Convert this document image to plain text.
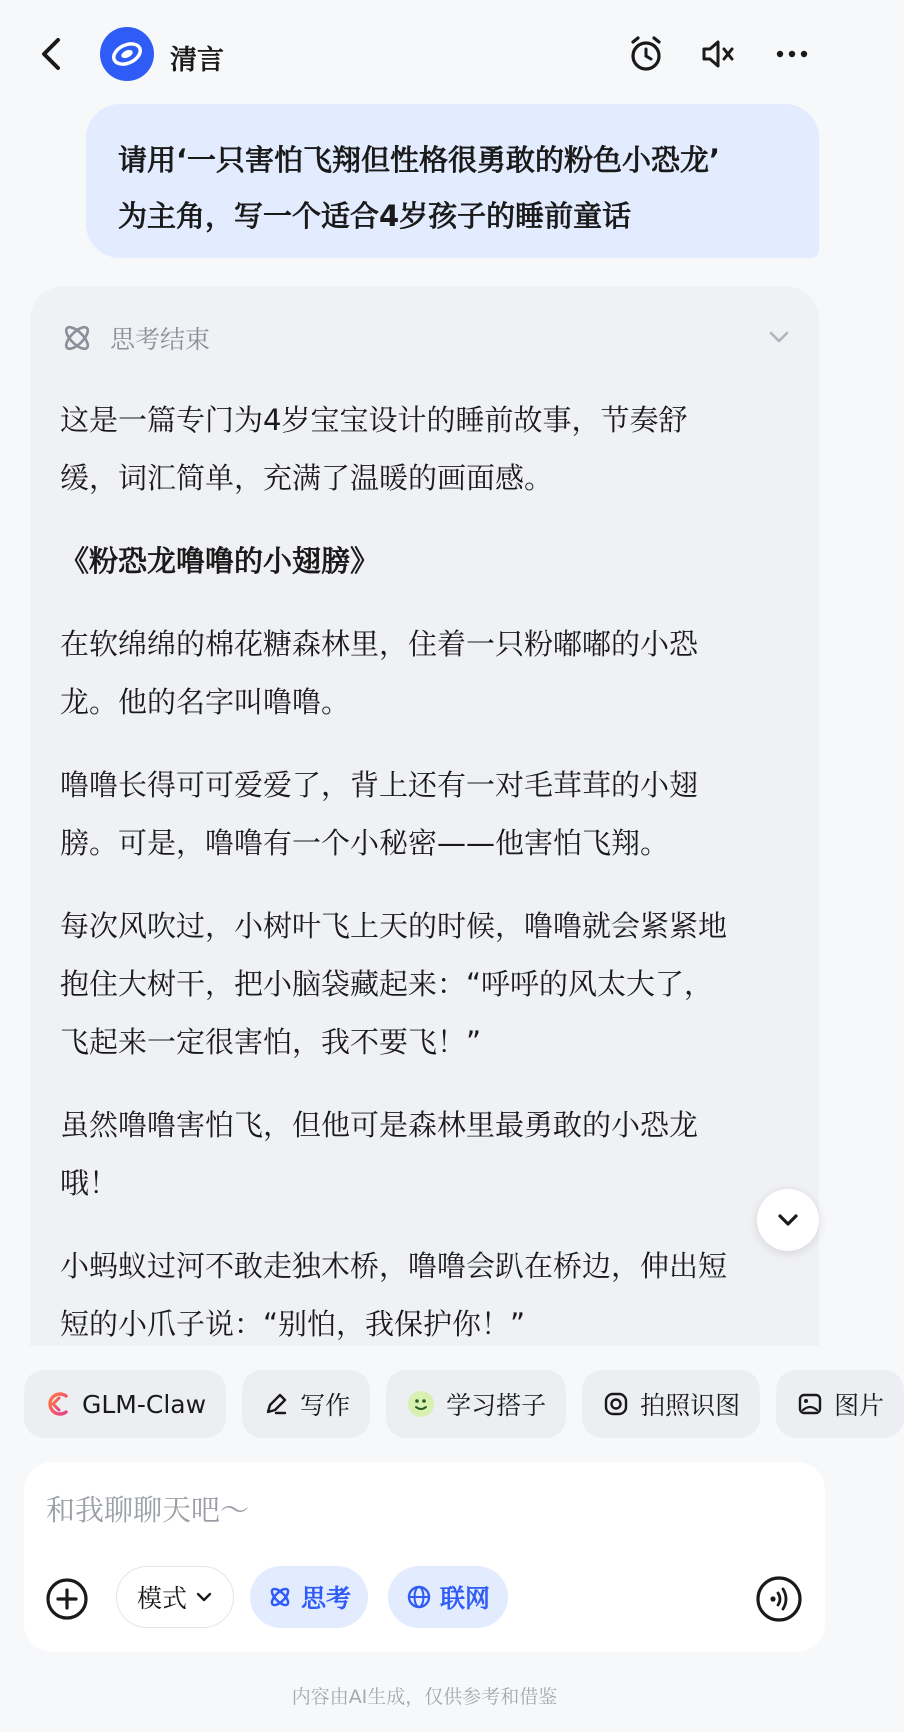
清言
请用‘一只害怕飞翔但性格很勇敢的粉色小恐龙’
为主角，写一个适合4岁孩子的睡前童话
思考结束
这是一篇专门为4岁宝宝设计的睡前故事，节奏舒
缓，词汇简单，充满了温暖的画面感。
《粉恐龙噜噜的小翅膀》
在软绵绵的棉花糖森林里，住着一只粉嘟嘟的小恐
龙。他的名字叫噜噜。
噜噜长得可可爱爱了，背上还有一对毛茸茸的小翅
膀。可是，噜噜有一个小秘密——他害怕飞翔。
每次风吹过，小树叶飞上天的时候，噜噜就会紧紧地
抱住大树干，把小脑袋藏起来：“呼呼的风太大了，
飞起来一定很害怕，我不要飞！”
虽然噜噜害怕飞，但他可是森林里最勇敢的小恐龙
哦！
小蚂蚁过河不敢走独木桥，噜噜会趴在桥边，伸出短
短的小爪子说：“别怕，我保护你！”
GLM-Claw	写作	学习搭子	拍照识图	图片
和我聊聊天吧～
模式	思考	联网
内容由AI生成，仅供参考和借鉴
